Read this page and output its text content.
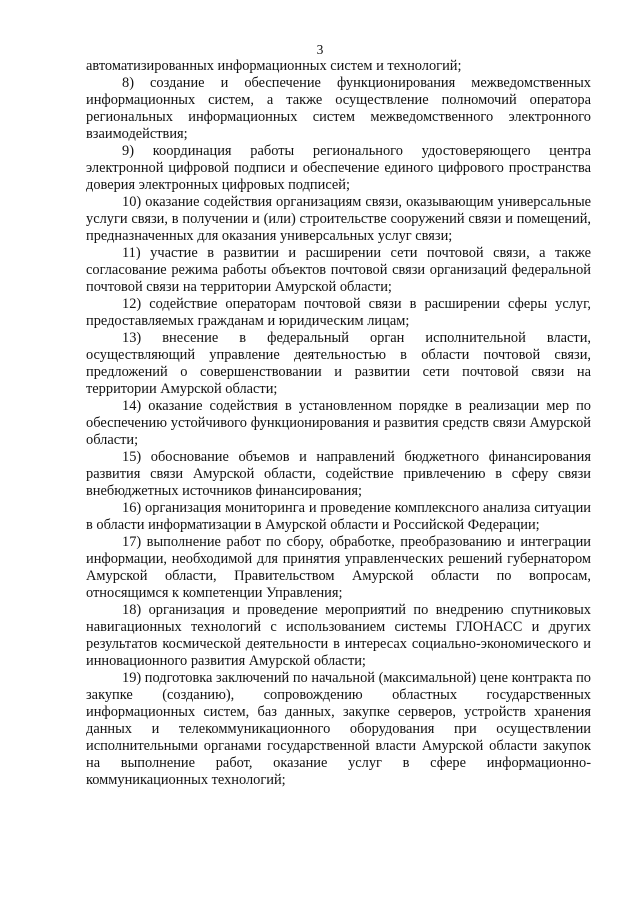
3

автоматизированных информационных систем и технологий;

8) создание и обеспечение функционирования межведомственных информационных систем, а также осуществление полномочий оператора региональных информационных систем межведомственного электронного взаимодействия;

9) координация работы регионального удостоверяющего центра электронной цифровой подписи и обеспечение единого цифрового пространства доверия электронных цифровых подписей;

10) оказание содействия организациям связи, оказывающим универсальные услуги связи, в получении и (или) строительстве сооружений связи и помещений, предназначенных для оказания универсальных услуг связи;

11) участие в развитии и расширении сети почтовой связи, а также согласование режима работы объектов почтовой связи организаций федеральной почтовой связи на территории Амурской области;

12) содействие операторам почтовой связи в расширении сферы услуг, предоставляемых гражданам и юридическим лицам;

13) внесение в федеральный орган исполнительной власти, осуществляющий управление деятельностью в области почтовой связи, предложений о совершенствовании и развитии сети почтовой связи на территории Амурской области;

14) оказание содействия в установленном порядке в реализации мер по обеспечению устойчивого функционирования и развития средств связи Амурской области;

15) обоснование объемов и направлений бюджетного финансирования развития связи Амурской области, содействие привлечению в сферу связи внебюджетных источников финансирования;

16) организация мониторинга и проведение комплексного анализа ситуации в области информатизации в Амурской области и Российской Федерации;

17) выполнение работ по сбору, обработке, преобразованию и интеграции информации, необходимой для принятия управленческих решений губернатором Амурской области, Правительством Амурской области по вопросам, относящимся к компетенции Управления;

18) организация и проведение мероприятий по внедрению спутниковых навигационных технологий с использованием системы ГЛОНАСС и других результатов космической деятельности в интересах социально-экономического и инновационного развития Амурской области;

19) подготовка заключений по начальной (максимальной) цене контракта по закупке (созданию), сопровождению областных государственных информационных систем, баз данных, закупке серверов, устройств хранения данных и телекоммуникационного оборудования при осуществлении исполнительными органами государственной власти Амурской области закупок на выполнение работ, оказание услуг в сфере информационно-коммуникационных технологий;
